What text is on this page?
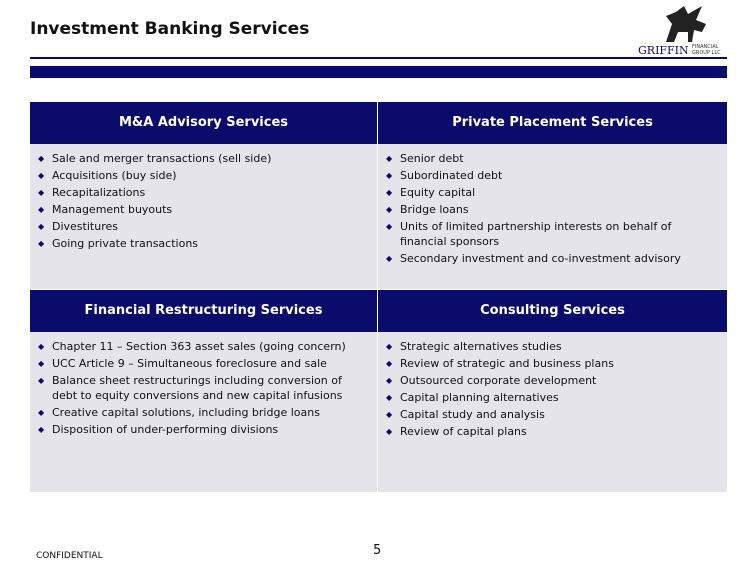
Investment Banking Services
GRIFFIN FINANCIAL
GROUP LLC
M&A Advisory Services	Private Placement Services
◆ Sale and merger transactions (sell side)
◆ Acquisitions (buy side)
◆ Recapitalizations
◆ Management buyouts
◆ Divestitures
◆ Going private transactions
◆ Senior debt
◆ Subordinated debt
◆ Equity capital
◆ Bridge loans
◆ Units of limited partnership interests on behalf of financial sponsors
◆ Secondary investment and co-investment advisory
Financial Restructuring Services	Consulting Services
◆ Chapter 11 – Section 363 asset sales (going concern)
◆ UCC Article 9 – Simultaneous foreclosure and sale
◆ Balance sheet restructurings including conversion of debt to equity conversions and new capital infusions
◆ Creative capital solutions, including bridge loans
◆ Disposition of under-performing divisions
◆ Strategic alternatives studies
◆ Review of strategic and business plans
◆ Outsourced corporate development
◆ Capital planning alternatives
◆ Capital study and analysis
◆ Review of capital plans
CONFIDENTIAL	5
